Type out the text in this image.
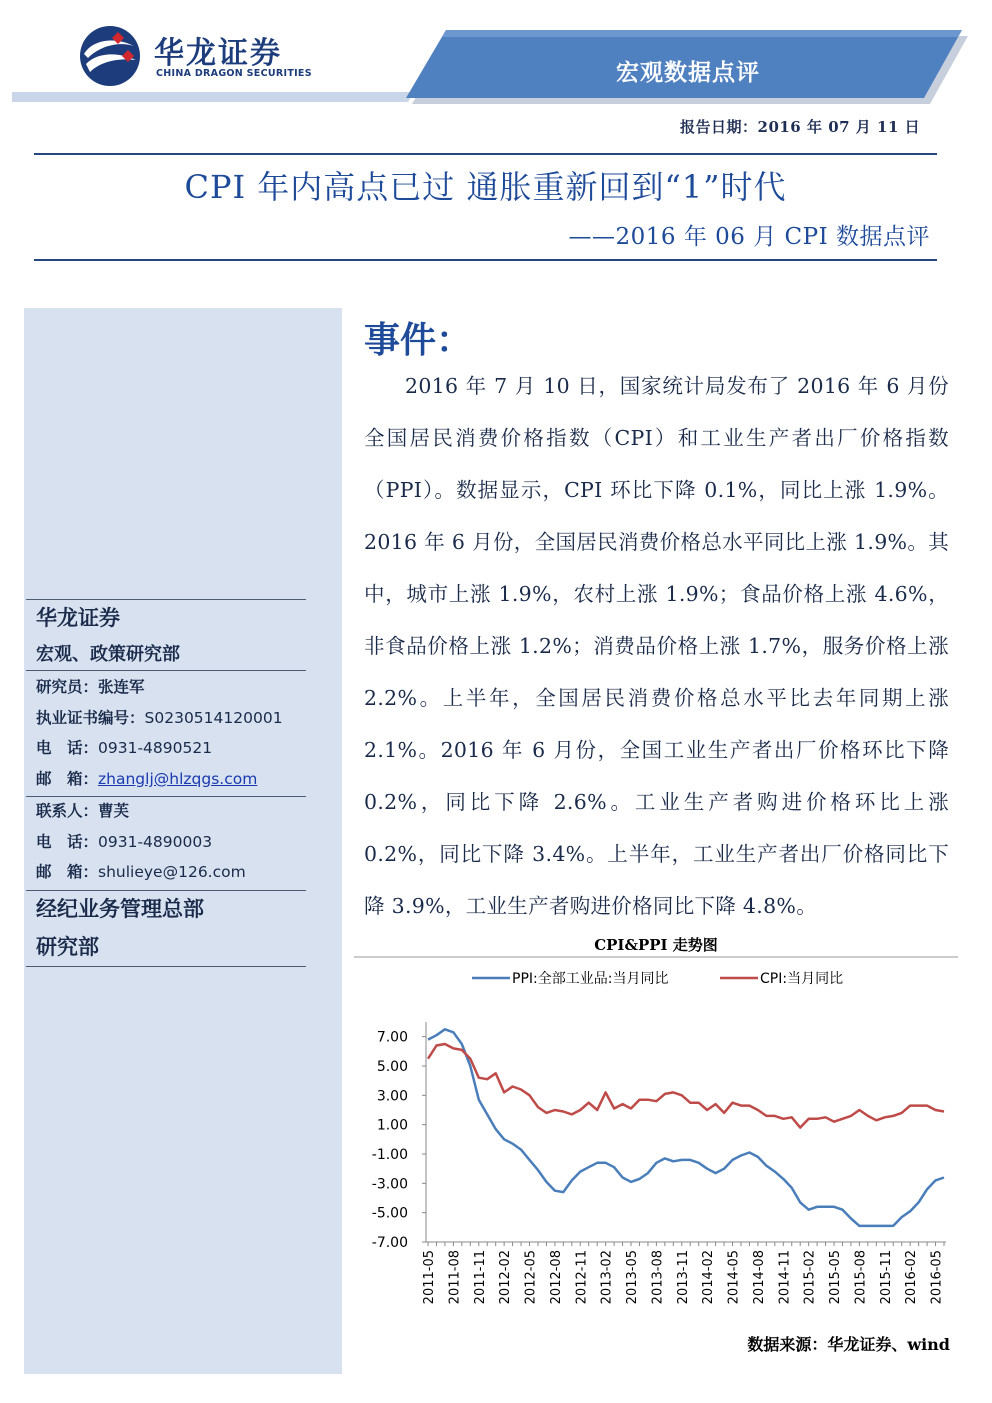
华龙证券
CHINA DRAGON SECURITIES	宏观数据点评
报告日期：2016 年 07 月 11 日
CPI 年内高点已过 通胀重新回到“1”时代
——2016 年 06 月 CPI 数据点评
华龙证券
宏观、政策研究部
研究员：张连军
执业证书编号：S0230514120001
电　话：0931-4890521
邮　箱：zhanglj@hlzqgs.com
联系人：曹芙
电　话：0931-4890003
邮　箱：shulieye@126.com
经纪业务管理总部
研究部
事件：
2016 年 7 月 10 日，国家统计局发布了 2016 年 6 月份全国居民消费价格指数（CPI）和工业生产者出厂价格指数（PPI）。数据显示，CPI 环比下降 0.1%，同比上涨 1.9%。2016 年 6 月份，全国居民消费价格总水平同比上涨 1.9%。其中，城市上涨 1.9%，农村上涨 1.9%；食品价格上涨 4.6%，非食品价格上涨 1.2%；消费品价格上涨 1.7%，服务价格上涨 2.2%。上半年，全国居民消费价格总水平比去年同期上涨 2.1%。2016 年 6 月份，全国工业生产者出厂价格环比下降 0.2%，同比下降 2.6%。工业生产者购进价格环比上涨 0.2%，同比下降 3.4%。上半年，工业生产者出厂价格同比下降 3.9%，工业生产者购进价格同比下降 4.8%。
CPI&PPI 走势图
7.00
5.00
3.00
1.00
-1.00
-3.00
-5.00
-7.00
2011-05 2011-08 2011-11 2012-02 2012-05 2012-08 2012-11 2013-02 2013-05 2013-08 2013-11 2014-02 2014-05 2014-08 2014-11 2015-02 2015-05 2015-08 2015-11 2016-02 2016-05
PPI:全部工业品:当月同比	CPI:当月同比
数据来源：华龙证券、wind
